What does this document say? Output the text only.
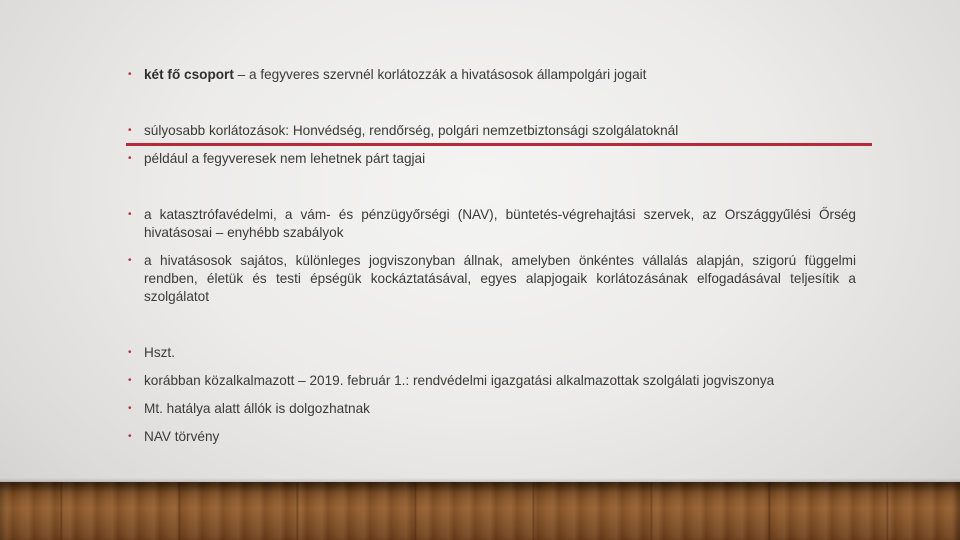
• két fő csoport – a fegyveres szervnél korlátozzák a hivatásosok állampolgári jogait
• súlyosabb korlátozások: Honvédség, rendőrség, polgári nemzetbiztonsági szolgálatoknál
• például a fegyveresek nem lehetnek párt tagjai
• a katasztrófavédelmi, a vám- és pénzügyőrségi (NAV), büntetés-végrehajtási szervek, az Országgyűlési Őrség hivatásosai – enyhébb szabályok
• a hivatásosok sajátos, különleges jogviszonyban állnak, amelyben önkéntes vállalás alapján, szigorú függelmi rendben, életük és testi épségük kockáztatásával, egyes alapjogaik korlátozásának elfogadásával teljesítik a szolgálatot
• Hszt.
• korábban közalkalmazott – 2019. február 1.: rendvédelmi igazgatási alkalmazottak szolgálati jogviszonya
• Mt. hatálya alatt állók is dolgozhatnak
• NAV törvény
